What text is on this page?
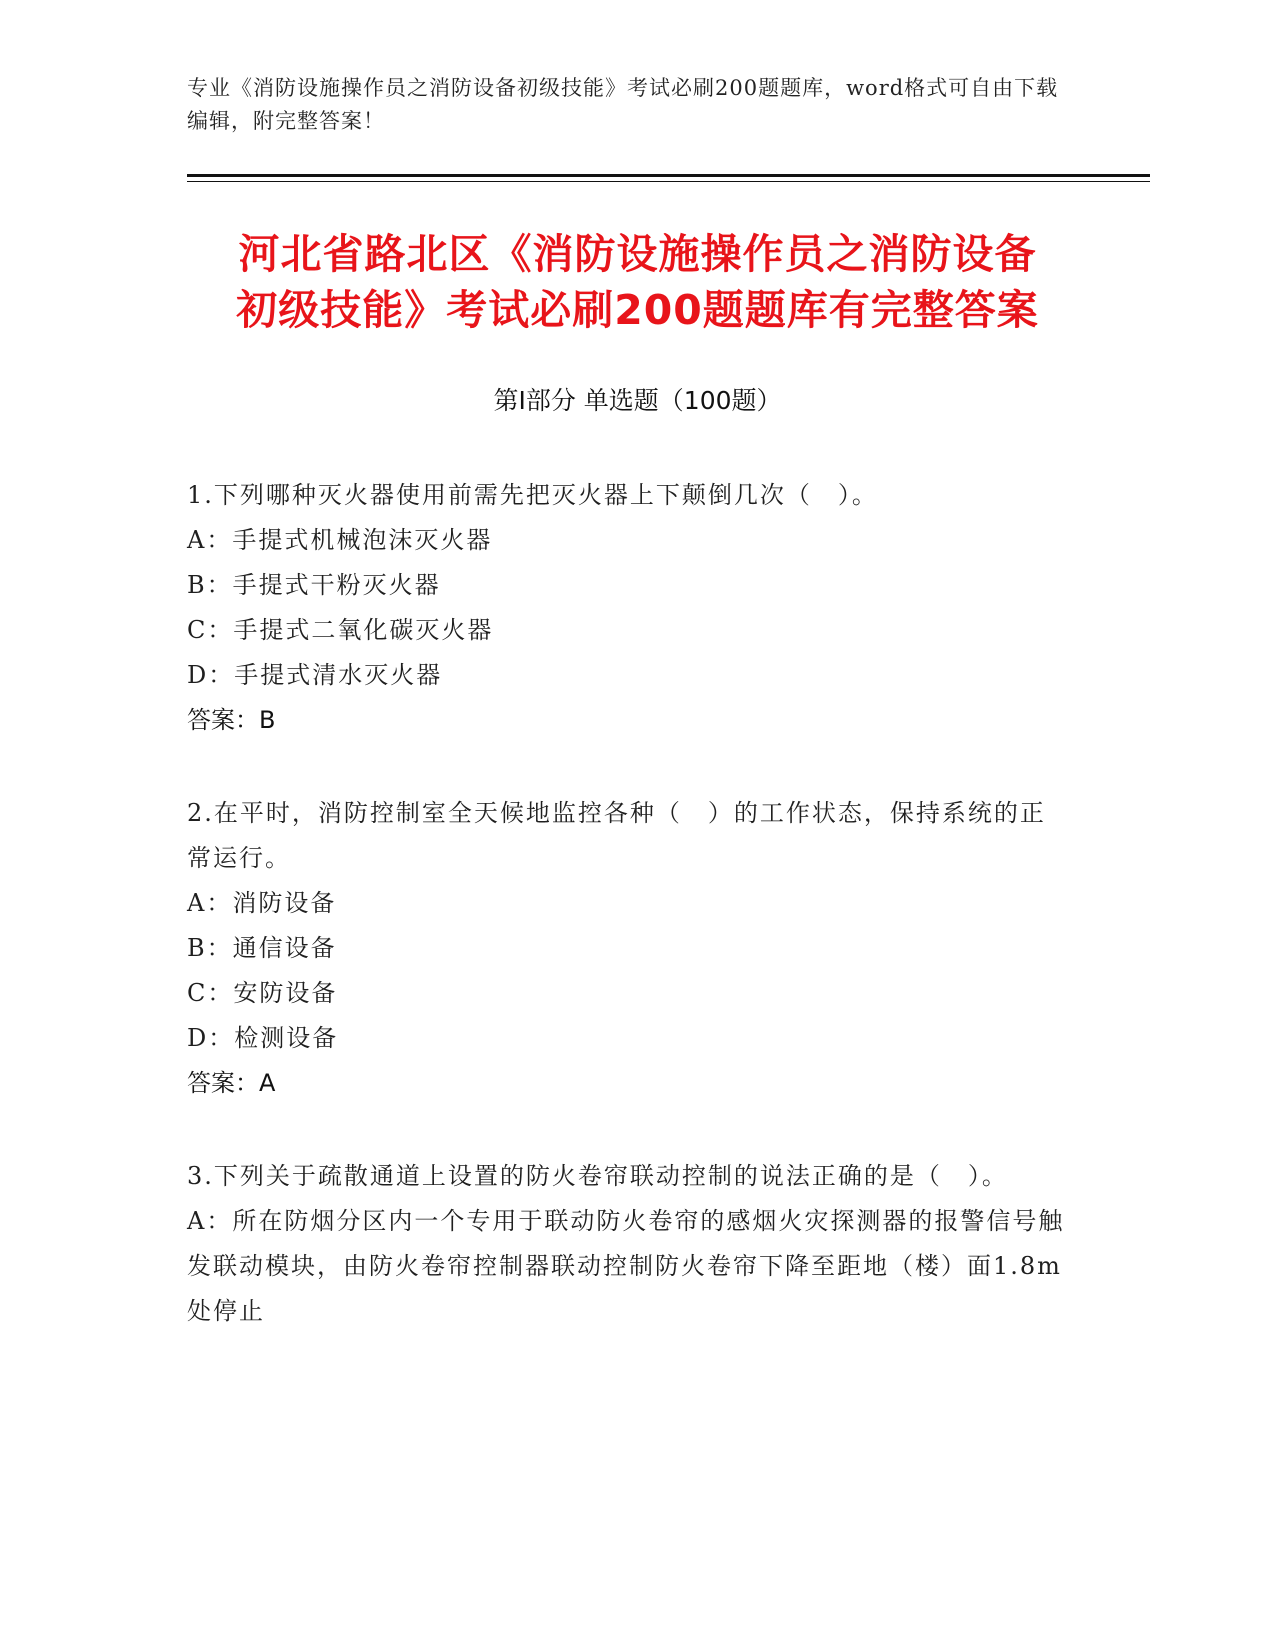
专业《消防设施操作员之消防设备初级技能》考试必刷200题题库，word格式可自由下载编辑，附完整答案！
河北省路北区《消防设施操作员之消防设备
初级技能》考试必刷200题题库有完整答案
第Ⅰ部分 单选题（100题）
1.下列哪种灭火器使用前需先把灭火器上下颠倒几次（　）。
A：手提式机械泡沫灭火器
B：手提式干粉灭火器
C：手提式二氧化碳灭火器
D：手提式清水灭火器
答案：B
2.在平时，消防控制室全天候地监控各种（　）的工作状态，保持系统的正常运行。
A：消防设备
B：通信设备
C：安防设备
D：检测设备
答案：A
3.下列关于疏散通道上设置的防火卷帘联动控制的说法正确的是（　）。
A：所在防烟分区内一个专用于联动防火卷帘的感烟火灾探测器的报警信号触发联动模块，由防火卷帘控制器联动控制防火卷帘下降至距地（楼）面1.8m处停止
